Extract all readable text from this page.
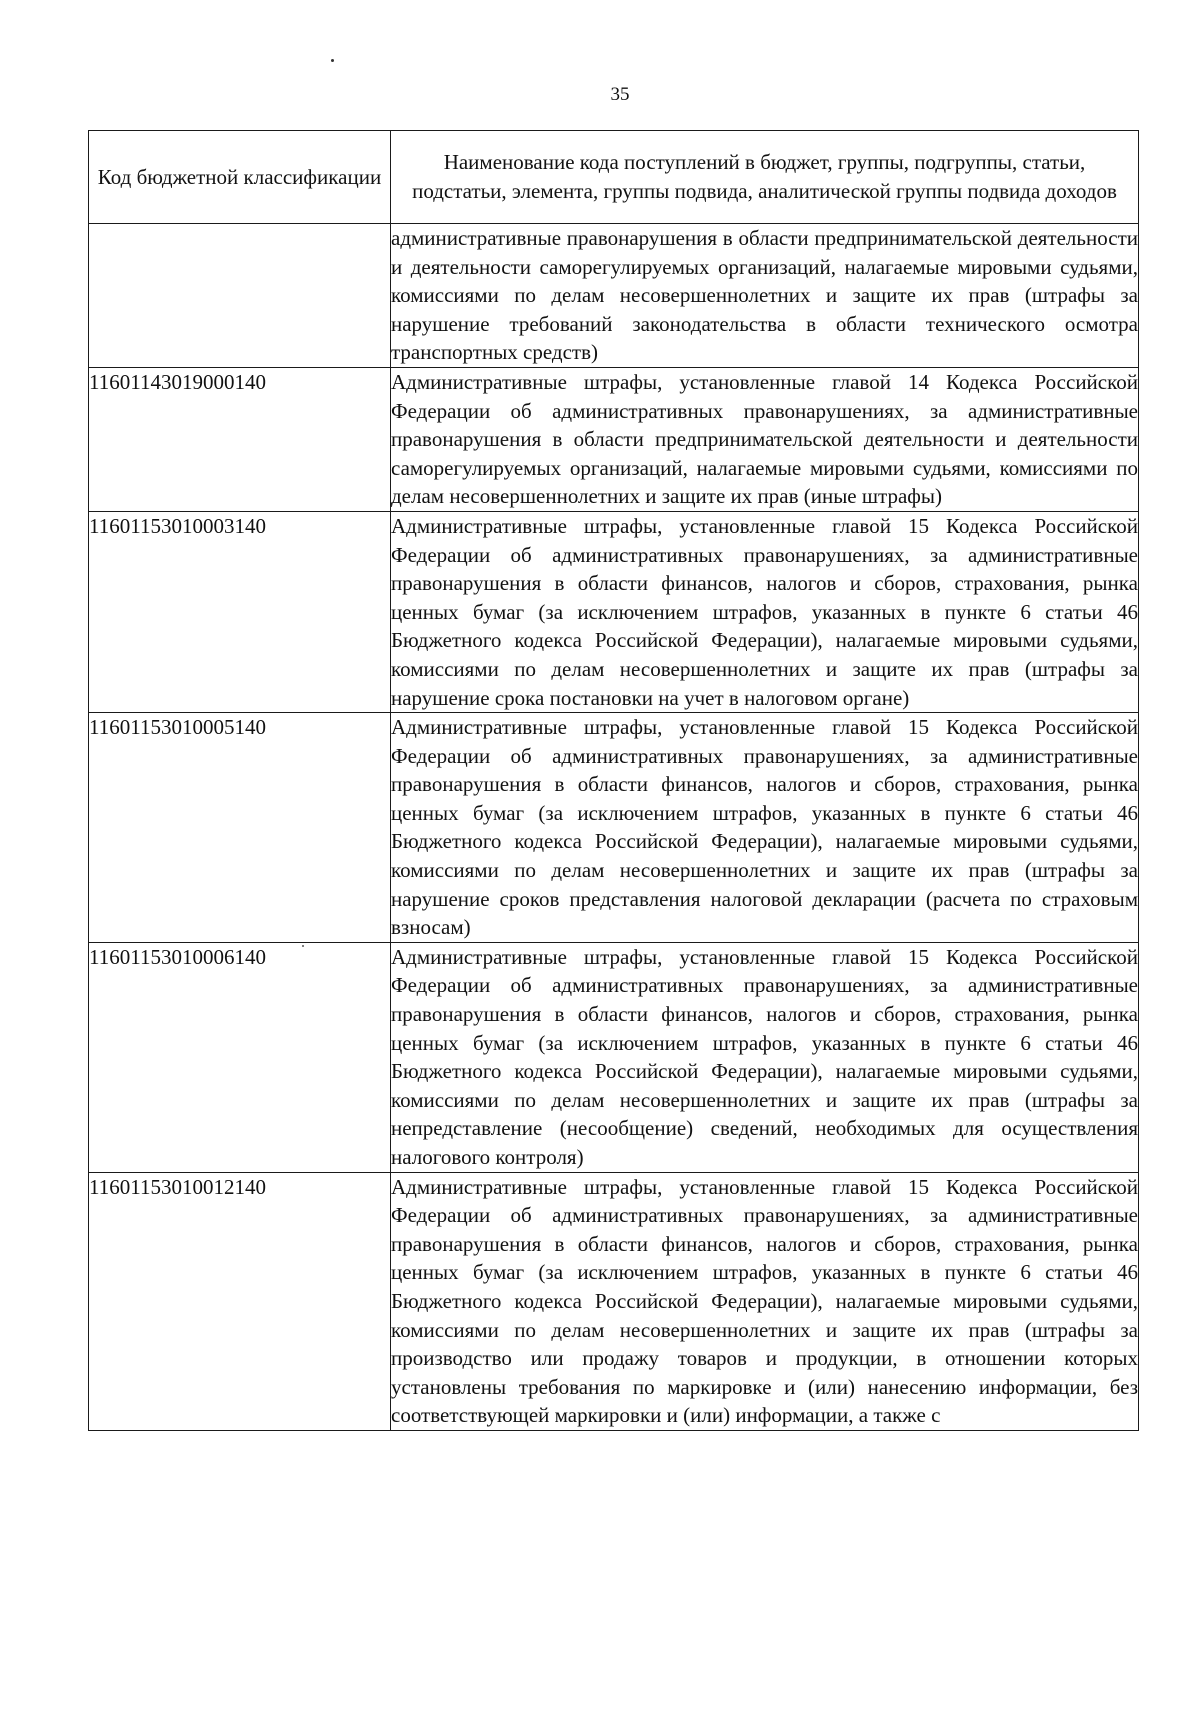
35
Код бюджетной классификации	Наименование кода поступлений в бюджет, группы, подгруппы, статьи, подстатьи, элемента, группы подвида, аналитической группы подвида доходов
	административные правонарушения в области предпринимательской деятельности и деятельности саморегулируемых организаций, налагаемые мировыми судьями, комиссиями по делам несовершеннолетних и защите их прав (штрафы за нарушение требований законодательства в области технического осмотра транспортных средств)
11601143019000140	Административные штрафы, установленные главой 14 Кодекса Российской Федерации об административных правонарушениях, за административные правонарушения в области предпринимательской деятельности и деятельности саморегулируемых организаций, налагаемые мировыми судьями, комиссиями по делам несовершеннолетних и защите их прав (иные штрафы)
11601153010003140	Административные штрафы, установленные главой 15 Кодекса Российской Федерации об административных правонарушениях, за административные правонарушения в области финансов, налогов и сборов, страхования, рынка ценных бумаг (за исключением штрафов, указанных в пункте 6 статьи 46 Бюджетного кодекса Российской Федерации), налагаемые мировыми судьями, комиссиями по делам несовершеннолетних и защите их прав (штрафы за нарушение срока постановки на учет в налоговом органе)
11601153010005140	Административные штрафы, установленные главой 15 Кодекса Российской Федерации об административных правонарушениях, за административные правонарушения в области финансов, налогов и сборов, страхования, рынка ценных бумаг (за исключением штрафов, указанных в пункте 6 статьи 46 Бюджетного кодекса Российской Федерации), налагаемые мировыми судьями, комиссиями по делам несовершеннолетних и защите их прав (штрафы за нарушение сроков представления налоговой декларации (расчета по страховым взносам)
11601153010006140	Административные штрафы, установленные главой 15 Кодекса Российской Федерации об административных правонарушениях, за административные правонарушения в области финансов, налогов и сборов, страхования, рынка ценных бумаг (за исключением штрафов, указанных в пункте 6 статьи 46 Бюджетного кодекса Российской Федерации), налагаемые мировыми судьями, комиссиями по делам несовершеннолетних и защите их прав (штрафы за непредставление (несообщение) сведений, необходимых для осуществления налогового контроля)
11601153010012140	Административные штрафы, установленные главой 15 Кодекса Российской Федерации об административных правонарушениях, за административные правонарушения в области финансов, налогов и сборов, страхования, рынка ценных бумаг (за исключением штрафов, указанных в пункте 6 статьи 46 Бюджетного кодекса Российской Федерации), налагаемые мировыми судьями, комиссиями по делам несовершеннолетних и защите их прав (штрафы за производство или продажу товаров и продукции, в отношении которых установлены требования по маркировке и (или) нанесению информации, без соответствующей маркировки и (или) информации, а также с
